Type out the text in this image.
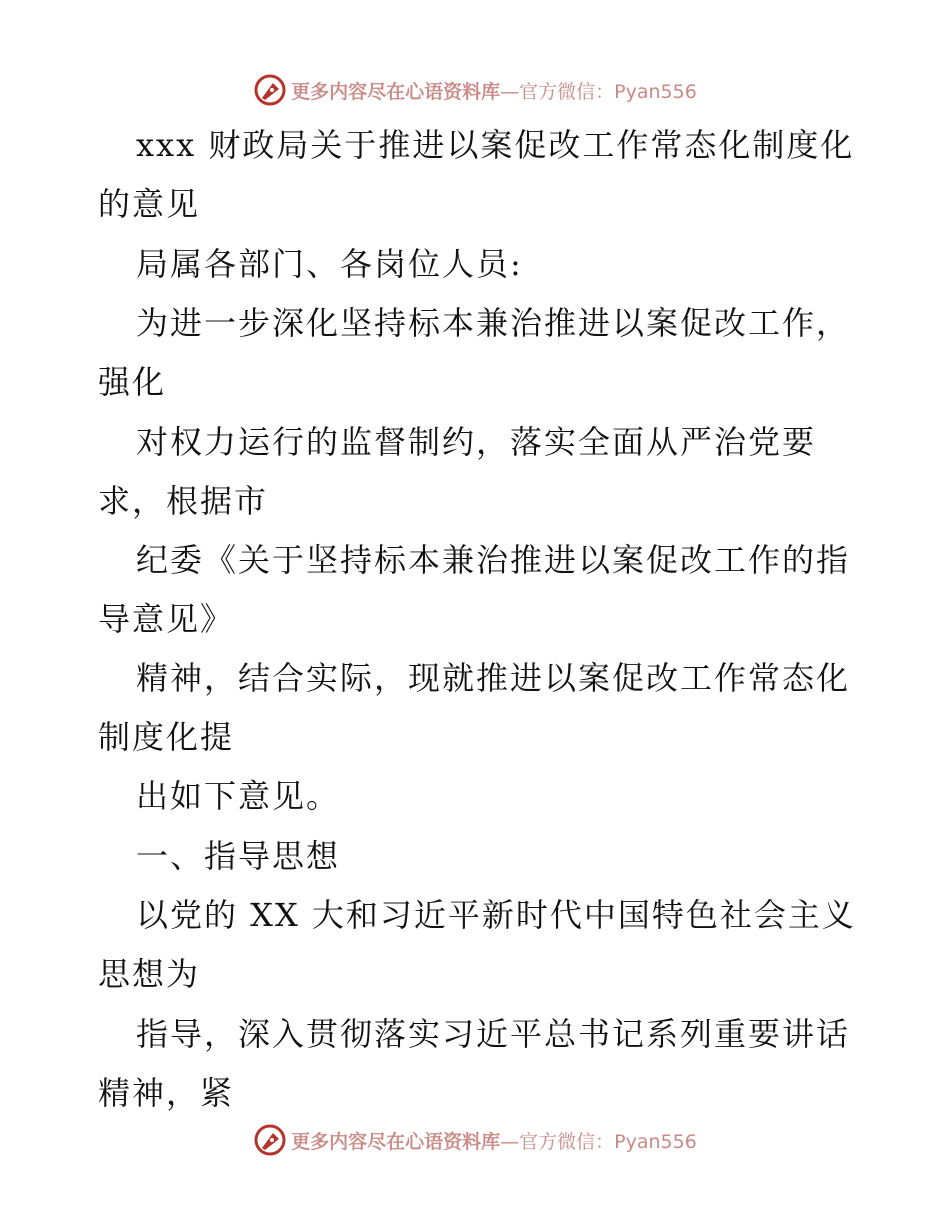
更多内容尽在心语资料库—官方微信：Pyan556
xxx 财政局关于推进以案促改工作常态化制度化
的意见
局属各部门、各岗位人员:
为进一步深化坚持标本兼治推进以案促改工作，
强化
对权力运行的监督制约，落实全面从严治党要
求，根据市
纪委《关于坚持标本兼治推进以案促改工作的指
导意见》
精神，结合实际，现就推进以案促改工作常态化
制度化提
出如下意见。
一、指导思想
以党的 XX 大和习近平新时代中国特色社会主义
思想为
指导，深入贯彻落实习近平总书记系列重要讲话
精神，紧
更多内容尽在心语资料库—官方微信：Pyan556
